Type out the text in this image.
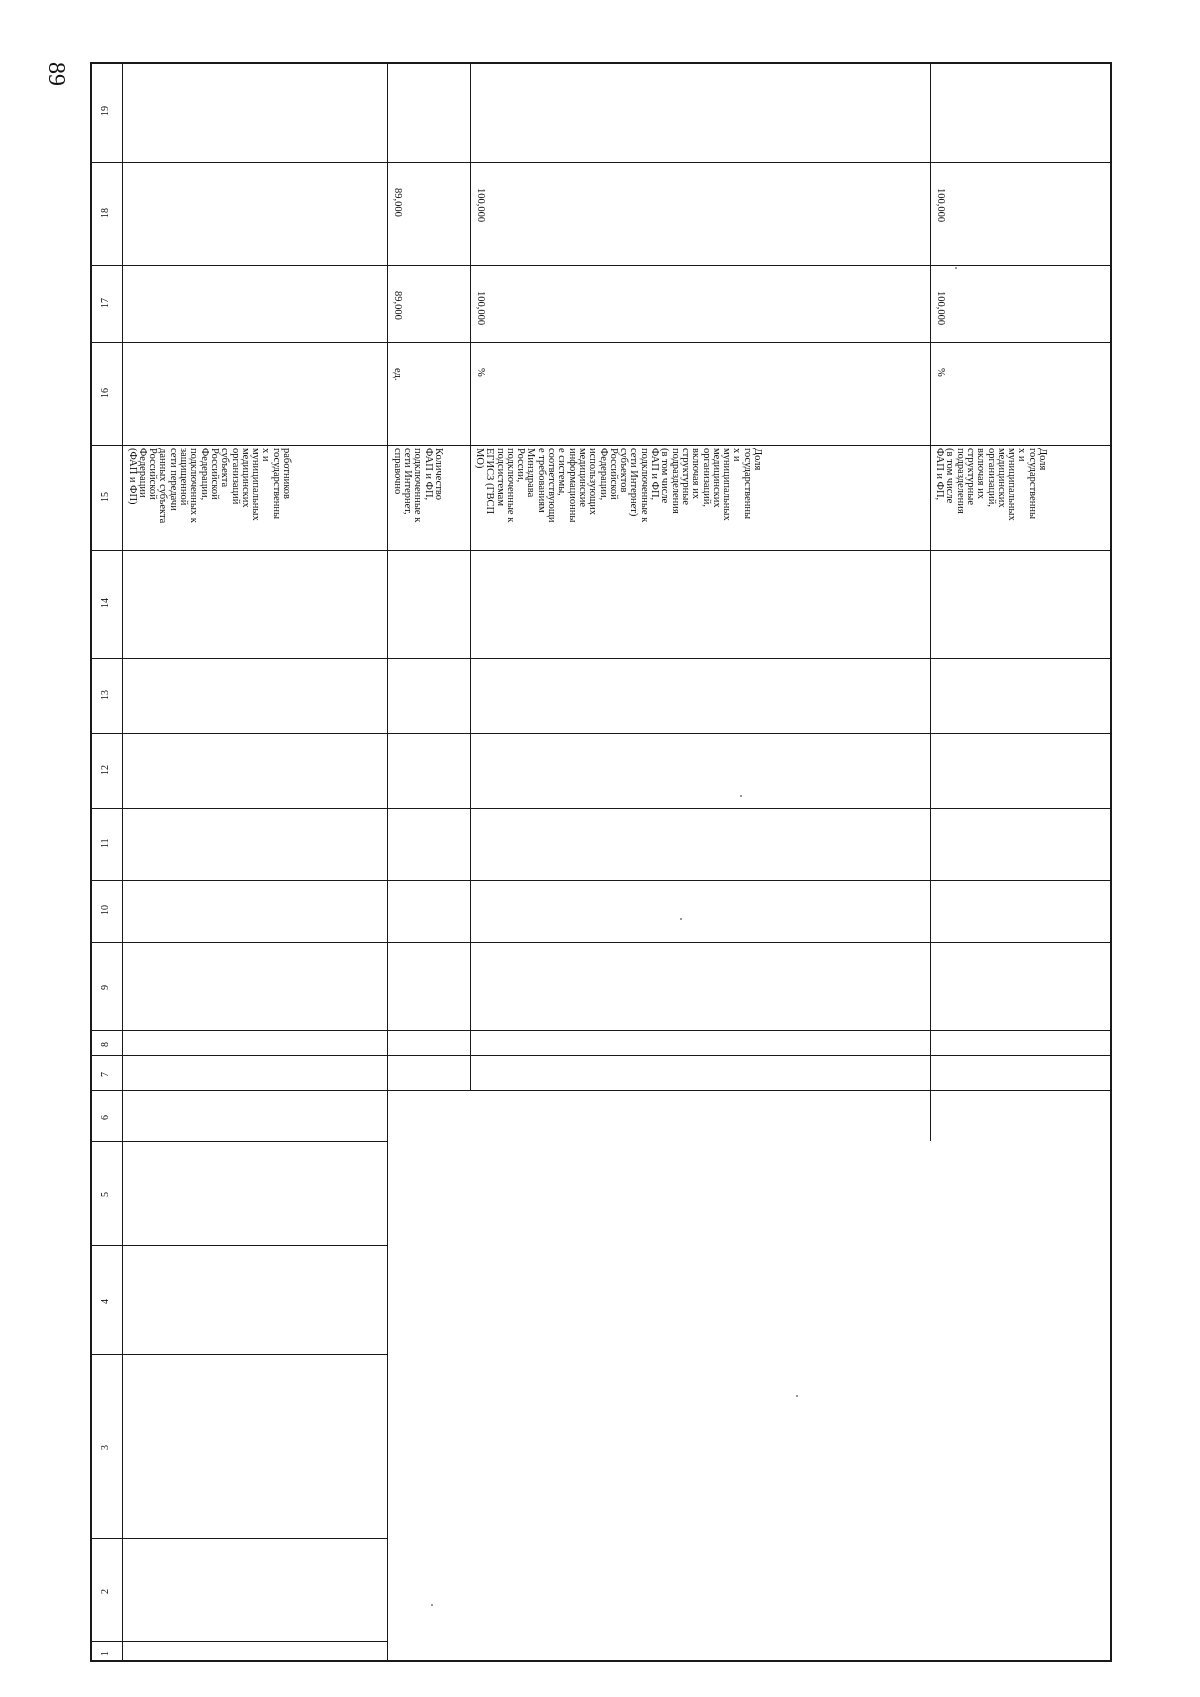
89
1
2
3
4
5
6
7
8
9
10
11
12
13
14
15
16
17
18
19
работников
государственны
х и
муниципальных
медицинских
организаций
субъекта
Российской
Федерации,
подключенных к
защищенной
сети передачи
данных субъекта
Российской
Федерации
(ФАП и ФП)	Количество
ФАП и ФП,
подключенные к
сети Интернет,
справочно
ед.
89,000
89,000
Доля
государственны
х и
муниципальных
медицинских
организаций,
включая их
структурные
подразделения
(в том числе
ФАП и ФП,
подключенные к
сети Интернет)
субъектов
Российской
Федерации,
использующих
медицинские
информационны
е системы,
соответствующи
е требованиям
Минздрава
России,
подключенные к
подсистемам
ЕГИСЗ (ГВСП
МО)
%
100,000
100,000
Доля
государственны
х и
муниципальных
медицинских
организаций,
включая их
структурные
подразделения
(в том числе
ФАП и ФП,
%
100,000
100,000
